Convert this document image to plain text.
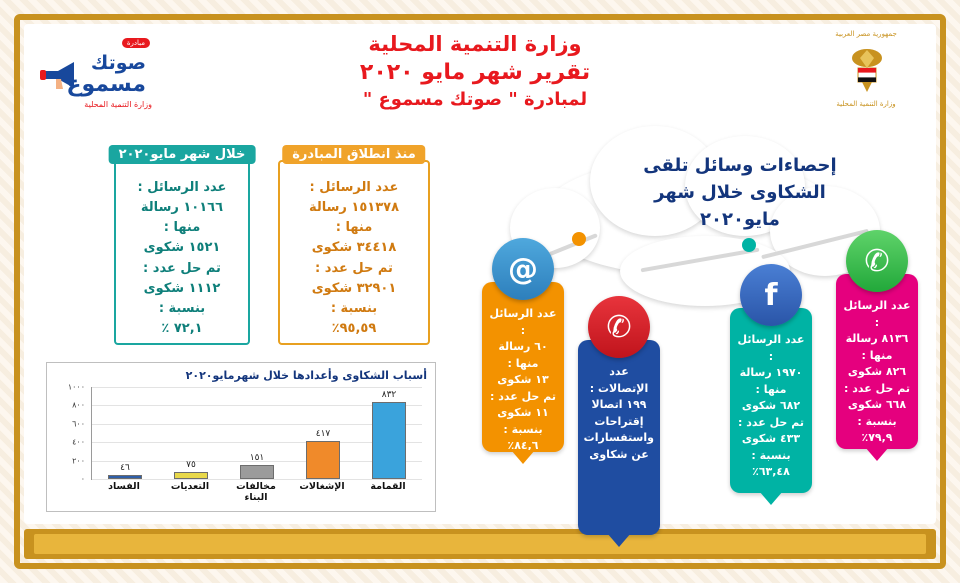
مبادرة
صوتك
مسموع
وزارة التنمية المحلية
جمهورية مصر العربية
وزارة التنمية المحلية
وزارة التنمية المحلية
تقرير شهر مايو ٢٠٢٠
لمبادرة " صوتك مسموع "
خلال شهر مايو٢٠٢٠
عدد الرسائل :
١٠١٦٦ رسالة
منها :
١٥٢١ شكوى
تم حل عدد :
١١١٢ شكوى
بنسبة :
٧٢,١ ٪
منذ انطلاق المبادرة
عدد الرسائل :
١٥١٣٧٨ رسالة
منها :
٣٤٤١٨ شكوى
تم حل عدد :
٣٢٩٠١ شكوى
بنسبة :
٩٥,٥٩٪
أسباب الشكاوى وأعدادها خلال شهرمايو٢٠٢٠
٠
٢٠٠
٤٠٠
٦٠٠
٨٠٠
١٠٠٠
٨٣٢
٤١٧
١٥١
٧٥
٤٦
القمامة
الإشغالات
مخالفات البناء
التعديات
الفساد
إحصاءات وسائل تلقى
الشكاوى خلال شهر
مايو٢٠٢٠
@
عدد الرسائل :
٦٠ رسالة
منها :
١٣ شكوى
تم حل عدد :
١١ شكوى
بنسبة :
٨٤,٦٪
✆
عدد الإتصالات :
١٩٩ اتصالا
إقتراحات
واستفسارات
عن شكاوى
f
عدد الرسائل :
١٩٧٠ رسالة
منها :
٦٨٢ شكوى
تم حل عدد :
٤٣٣ شكوى
بنسبة :
٦٣,٤٨٪
✆
عدد الرسائل :
٨١٣٦ رسالة
منها :
٨٢٦ شكوى
تم حل عدد :
٦٦٨ شكوى
بنسبة :
٧٩,٩٪
